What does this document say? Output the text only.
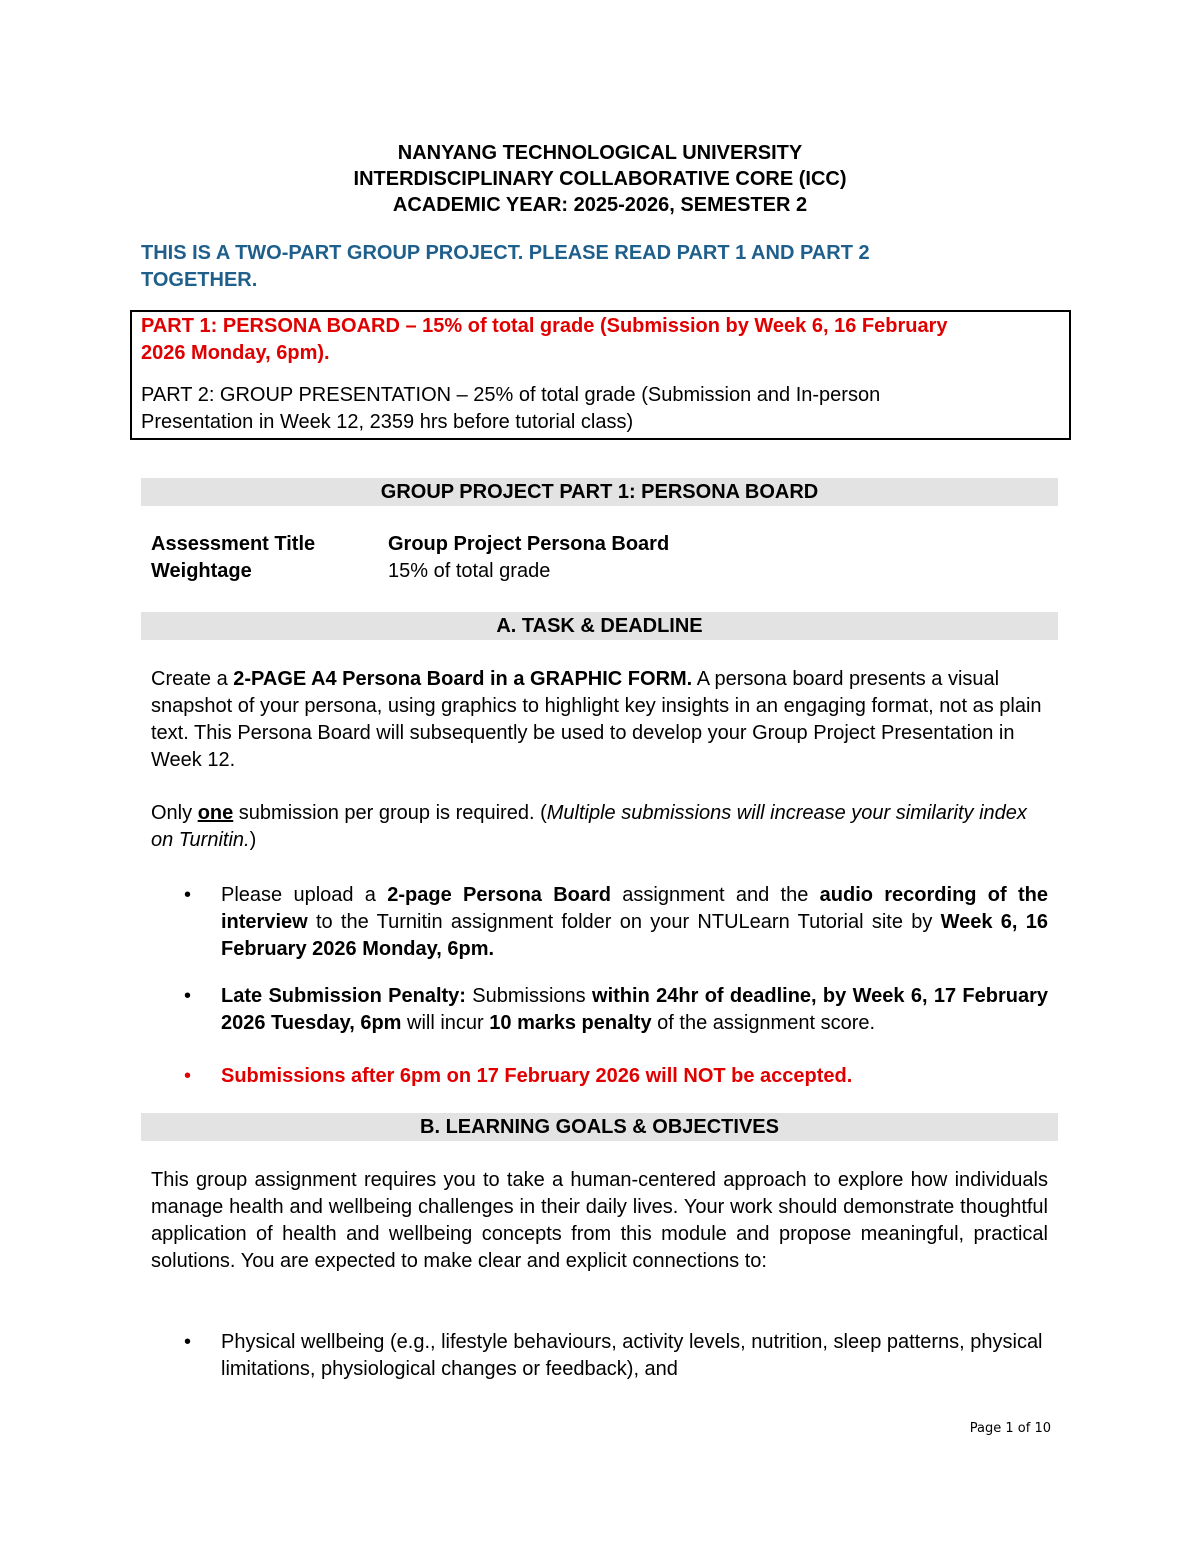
NANYANG TECHNOLOGICAL UNIVERSITY
INTERDISCIPLINARY COLLABORATIVE CORE (ICC)
ACADEMIC YEAR: 2025-2026, SEMESTER 2
THIS IS A TWO-PART GROUP PROJECT. PLEASE READ PART 1 AND PART 2
TOGETHER.

PART 1: PERSONA BOARD – 15% of total grade (Submission by Week 6, 16 February

2026 Monday, 6pm).

PART 2: GROUP PRESENTATION – 25% of total grade (Submission and In-person

Presentation in Week 12, 2359 hrs before tutorial class)

GROUP PROJECT PART 1: PERSONA BOARD
Assessment Title	Group Project Persona Board
Weightage	15% of total grade
A. TASK & DEADLINE
Create a 2-PAGE A4 Persona Board in a GRAPHIC FORM. A persona board presents a visual snapshot of your persona, using graphics to highlight key insights in an engaging format, not as plain text. This Persona Board will subsequently be used to develop your Group Project Presentation in Week 12.
Only one submission per group is required. (Multiple submissions will increase your similarity index on Turnitin.)
• Please upload a 2-page Persona Board assignment and the audio recording of the interview to the Turnitin assignment folder on your NTULearn Tutorial site by Week 6, 16 February 2026 Monday, 6pm.
• Late Submission Penalty: Submissions within 24hr of deadline, by Week 6, 17 February 2026 Tuesday, 6pm will incur 10 marks penalty of the assignment score.
• Submissions after 6pm on 17 February 2026 will NOT be accepted.
B. LEARNING GOALS & OBJECTIVES
This group assignment requires you to take a human-centered approach to explore how individuals manage health and wellbeing challenges in their daily lives. Your work should demonstrate thoughtful application of health and wellbeing concepts from this module and propose meaningful, practical solutions. You are expected to make clear and explicit connections to:
• Physical wellbeing (e.g., lifestyle behaviours, activity levels, nutrition, sleep patterns, physical limitations, physiological changes or feedback), and
Page 1 of 10
